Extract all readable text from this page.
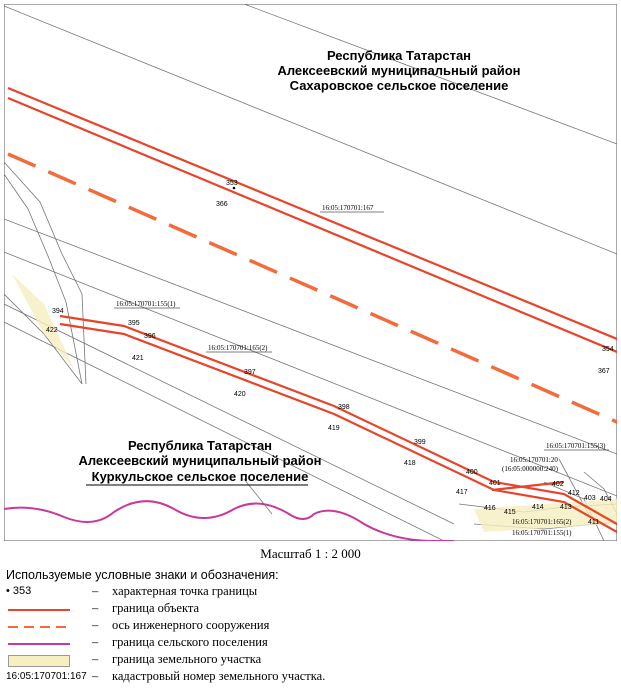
Республика Татарстан
Алексеевский муниципальный район
Сахаровское сельское поселение
Республика Татарстан
Алексеевский муниципальный район
Куркульское сельское поселение
353
366
354
367
394
422
395
396
421
397
420
398
419
399
418
400
417
401
416
415
414 413
412
403
402
404
411
16:05:170701:167
16:05:170701:155(1)
16:05:170701:165(2)
16:05:170701:155(3)
16:05:170701:20
(16:05:000000:240)
16:05:170701:165(2)
16:05:170701:155(1)
Масштаб 1 : 2 000
Используемые условные знаки и обозначения:
• 353	– характерная точка границы
– граница объекта
– ось инженерного сооружения
– граница сельского поселения
– граница земельного участка
16:05:170701:167 – кадастровый номер земельного участка.
